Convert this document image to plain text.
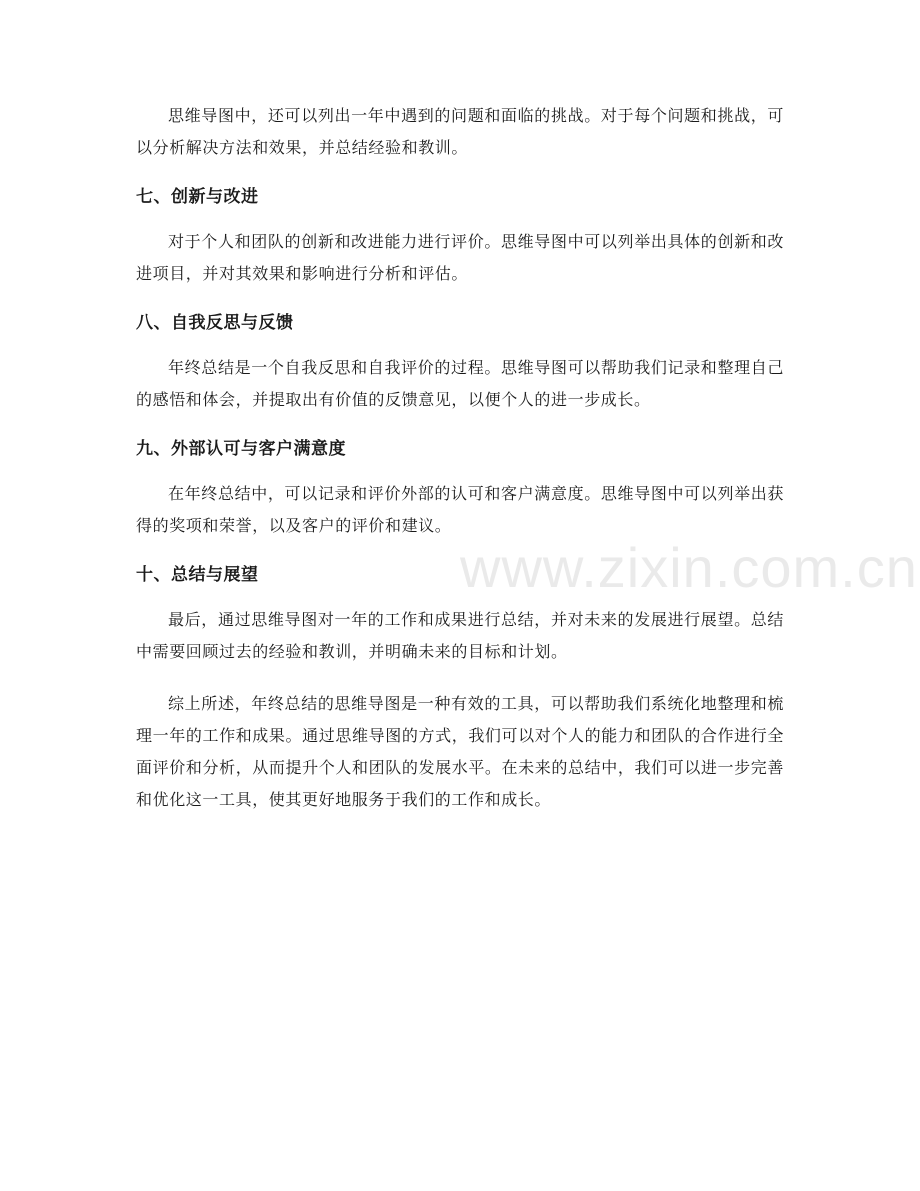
思维导图中，还可以列出一年中遇到的问题和面临的挑战。对于每个问题和挑战，可以分析解决方法和效果，并总结经验和教训。

七、创新与改进

对于个人和团队的创新和改进能力进行评价。思维导图中可以列举出具体的创新和改进项目，并对其效果和影响进行分析和评估。

八、自我反思与反馈

年终总结是一个自我反思和自我评价的过程。思维导图可以帮助我们记录和整理自己的感悟和体会，并提取出有价值的反馈意见，以便个人的进一步成长。

九、外部认可与客户满意度

在年终总结中，可以记录和评价外部的认可和客户满意度。思维导图中可以列举出获得的奖项和荣誉，以及客户的评价和建议。

十、总结与展望

最后，通过思维导图对一年的工作和成果进行总结，并对未来的发展进行展望。总结中需要回顾过去的经验和教训，并明确未来的目标和计划。

综上所述，年终总结的思维导图是一种有效的工具，可以帮助我们系统化地整理和梳理一年的工作和成果。通过思维导图的方式，我们可以对个人的能力和团队的合作进行全面评价和分析，从而提升个人和团队的发展水平。在未来的总结中，我们可以进一步完善和优化这一工具，使其更好地服务于我们的工作和成长。

www.zixin.com.cn
